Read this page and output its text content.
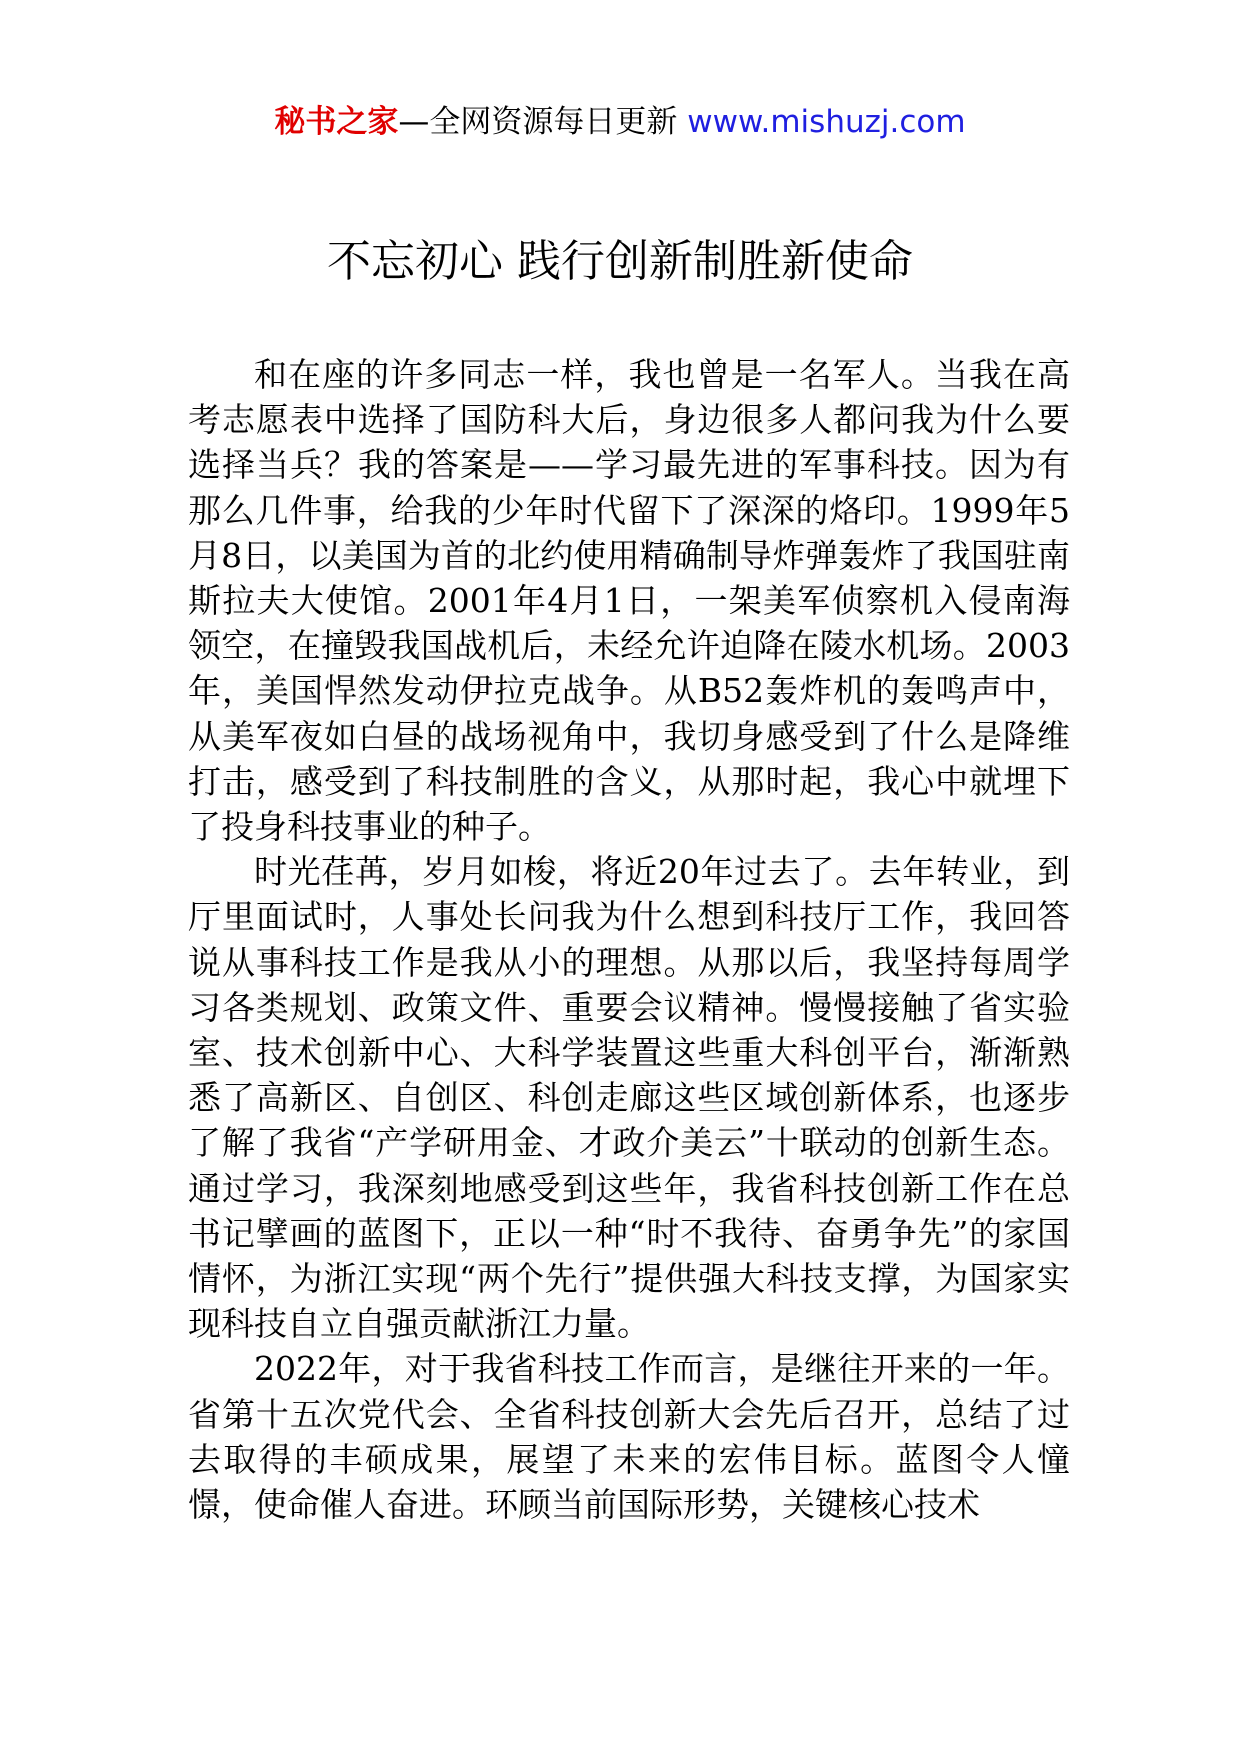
秘书之家—全网资源每日更新 www.mishuzj.com
不忘初心 践行创新制胜新使命

和在座的许多同志一样，我也曾是一名军人。当我在高考志愿表中选择了国防科大后，身边很多人都问我为什么要选择当兵？我的答案是——学习最先进的军事科技。因为有那么几件事，给我的少年时代留下了深深的烙印。1999年5月8日，以美国为首的北约使用精确制导炸弹轰炸了我国驻南斯拉夫大使馆。2001年4月1日，一架美军侦察机入侵南海领空，在撞毁我国战机后，未经允许迫降在陵水机场。2003年，美国悍然发动伊拉克战争。从B52轰炸机的轰鸣声中，从美军夜如白昼的战场视角中，我切身感受到了什么是降维打击，感受到了科技制胜的含义，从那时起，我心中就埋下了投身科技事业的种子。

时光荏苒，岁月如梭，将近20年过去了。去年转业，到厅里面试时，人事处长问我为什么想到科技厅工作，我回答说从事科技工作是我从小的理想。从那以后，我坚持每周学习各类规划、政策文件、重要会议精神。慢慢接触了省实验室、技术创新中心、大科学装置这些重大科创平台，渐渐熟悉了高新区、自创区、科创走廊这些区域创新体系，也逐步了解了我省“产学研用金、才政介美云”十联动的创新生态。通过学习，我深刻地感受到这些年，我省科技创新工作在总书记擘画的蓝图下，正以一种“时不我待、奋勇争先”的家国情怀，为浙江实现“两个先行”提供强大科技支撑，为国家实现科技自立自强贡献浙江力量。

2022年，对于我省科技工作而言，是继往开来的一年。省第十五次党代会、全省科技创新大会先后召开，总结了过去取得的丰硕成果，展望了未来的宏伟目标。蓝图令人憧憬，使命催人奋进。环顾当前国际形势，关键核心技术
